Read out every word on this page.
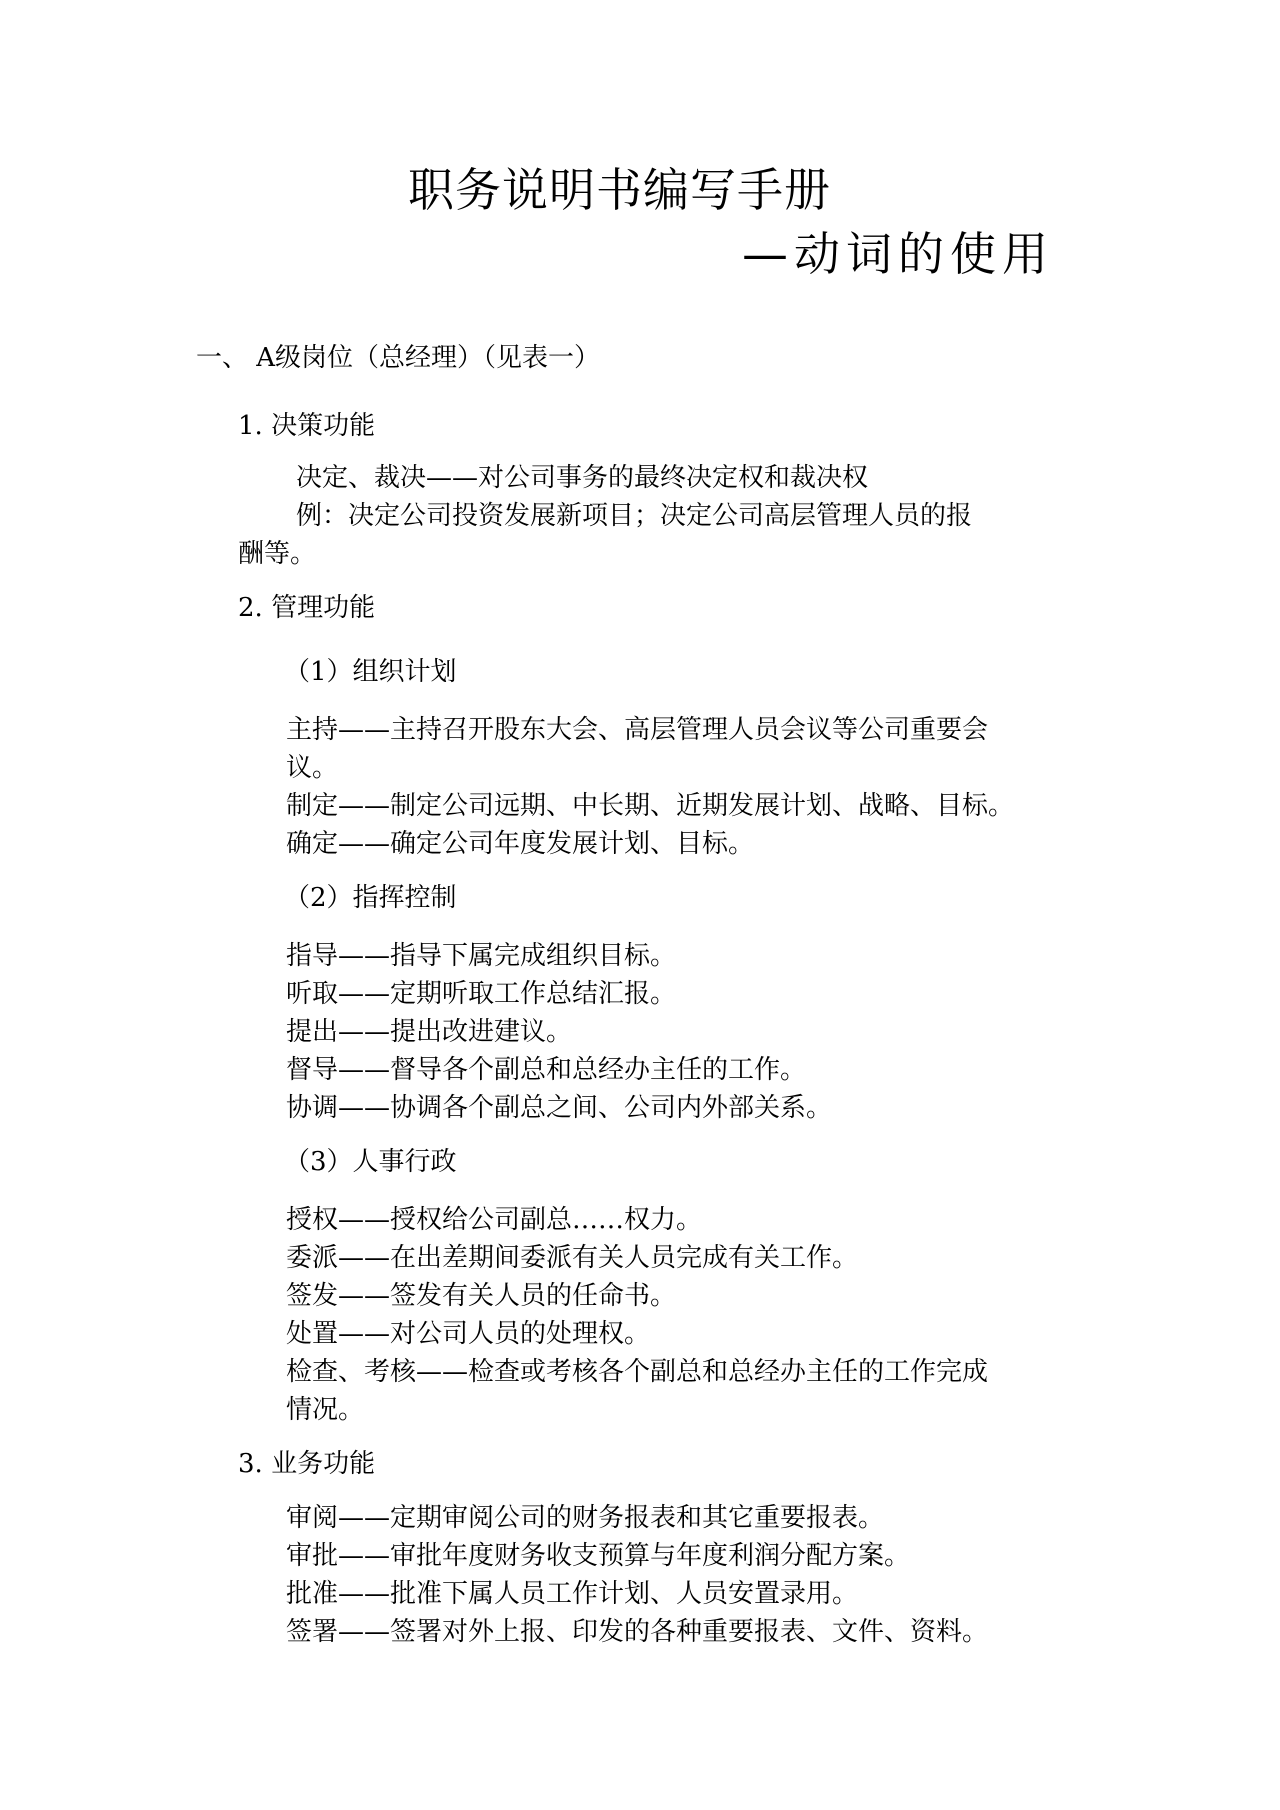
职务说明书编写手册
—动词的使用
一、 A级岗位（总经理）（见表一）
1. 决策功能
决定、裁决——对公司事务的最终决定权和裁决权
例：决定公司投资发展新项目；决定公司高层管理人员的报
酬等。
2. 管理功能
（1）组织计划
主持——主持召开股东大会、高层管理人员会议等公司重要会
议。
制定——制定公司远期、中长期、近期发展计划、战略、目标。
确定——确定公司年度发展计划、目标。
（2）指挥控制
指导——指导下属完成组织目标。
听取——定期听取工作总结汇报。
提出——提出改进建议。
督导——督导各个副总和总经办主任的工作。
协调——协调各个副总之间、公司内外部关系。
（3）人事行政
授权——授权给公司副总……权力。
委派——在出差期间委派有关人员完成有关工作。
签发——签发有关人员的任命书。
处置——对公司人员的处理权。
检查、考核——检查或考核各个副总和总经办主任的工作完成
情况。
3. 业务功能
审阅——定期审阅公司的财务报表和其它重要报表。
审批——审批年度财务收支预算与年度利润分配方案。
批准——批准下属人员工作计划、人员安置录用。
签署——签署对外上报、印发的各种重要报表、文件、资料。
